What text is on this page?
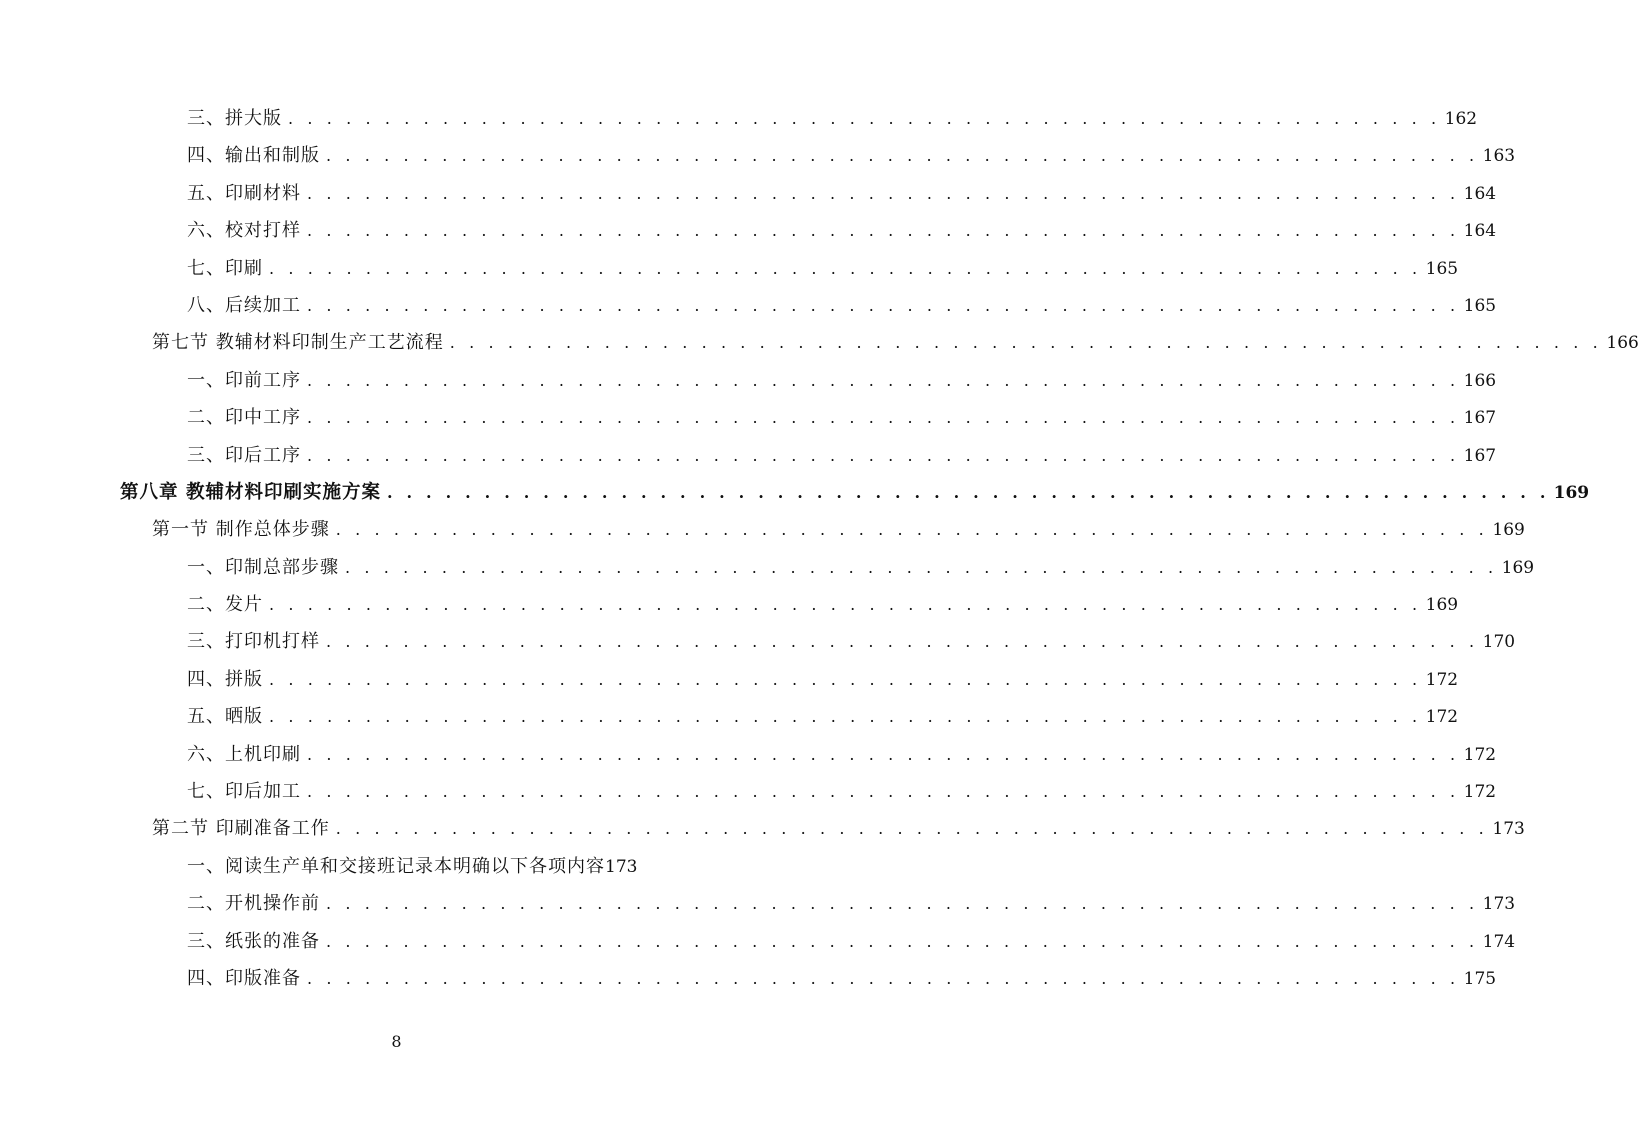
三、拼大版 . . . . . . . . . . . . . . . . . . . . . . . . . . . . . . . . . . . . . . . . . . . . . . . . . . . . . . . . . . . . 162
四、输出和制版 . . . . . . . . . . . . . . . . . . . . . . . . . . . . . . . . . . . . . . . . . . . . . . . . . . . . . . . . . . . . 163
五、印刷材料 . . . . . . . . . . . . . . . . . . . . . . . . . . . . . . . . . . . . . . . . . . . . . . . . . . . . . . . . . . . . 164
六、校对打样 . . . . . . . . . . . . . . . . . . . . . . . . . . . . . . . . . . . . . . . . . . . . . . . . . . . . . . . . . . . . 164
七、印刷 . . . . . . . . . . . . . . . . . . . . . . . . . . . . . . . . . . . . . . . . . . . . . . . . . . . . . . . . . . . . 165
八、后续加工 . . . . . . . . . . . . . . . . . . . . . . . . . . . . . . . . . . . . . . . . . . . . . . . . . . . . . . . . . . . . 165
第七节 教辅材料印制生产工艺流程 . . . . . . . . . . . . . . . . . . . . . . . . . . . . . . . . . . . . . . . . . . . . . . . . . . . . . . . . . . . . 166
一、印前工序 . . . . . . . . . . . . . . . . . . . . . . . . . . . . . . . . . . . . . . . . . . . . . . . . . . . . . . . . . . . . 166
二、印中工序 . . . . . . . . . . . . . . . . . . . . . . . . . . . . . . . . . . . . . . . . . . . . . . . . . . . . . . . . . . . . 167
三、印后工序 . . . . . . . . . . . . . . . . . . . . . . . . . . . . . . . . . . . . . . . . . . . . . . . . . . . . . . . . . . . . 167
第八章 教辅材料印刷实施方案 . . . . . . . . . . . . . . . . . . . . . . . . . . . . . . . . . . . . . . . . . . . . . . . . . . . . . . . . . . . . 169
第一节 制作总体步骤 . . . . . . . . . . . . . . . . . . . . . . . . . . . . . . . . . . . . . . . . . . . . . . . . . . . . . . . . . . . . 169
一、印制总部步骤 . . . . . . . . . . . . . . . . . . . . . . . . . . . . . . . . . . . . . . . . . . . . . . . . . . . . . . . . . . . . 169
二、发片 . . . . . . . . . . . . . . . . . . . . . . . . . . . . . . . . . . . . . . . . . . . . . . . . . . . . . . . . . . . . 169
三、打印机打样 . . . . . . . . . . . . . . . . . . . . . . . . . . . . . . . . . . . . . . . . . . . . . . . . . . . . . . . . . . . . 170
四、拼版 . . . . . . . . . . . . . . . . . . . . . . . . . . . . . . . . . . . . . . . . . . . . . . . . . . . . . . . . . . . . 172
五、晒版 . . . . . . . . . . . . . . . . . . . . . . . . . . . . . . . . . . . . . . . . . . . . . . . . . . . . . . . . . . . . 172
六、上机印刷 . . . . . . . . . . . . . . . . . . . . . . . . . . . . . . . . . . . . . . . . . . . . . . . . . . . . . . . . . . . . 172
七、印后加工 . . . . . . . . . . . . . . . . . . . . . . . . . . . . . . . . . . . . . . . . . . . . . . . . . . . . . . . . . . . . 172
第二节 印刷准备工作 . . . . . . . . . . . . . . . . . . . . . . . . . . . . . . . . . . . . . . . . . . . . . . . . . . . . . . . . . . . . 173
一、阅读生产单和交接班记录本明确以下各项内容 173
二、开机操作前 . . . . . . . . . . . . . . . . . . . . . . . . . . . . . . . . . . . . . . . . . . . . . . . . . . . . . . . . . . . . 173
三、纸张的准备 . . . . . . . . . . . . . . . . . . . . . . . . . . . . . . . . . . . . . . . . . . . . . . . . . . . . . . . . . . . . 174
四、印版准备 . . . . . . . . . . . . . . . . . . . . . . . . . . . . . . . . . . . . . . . . . . . . . . . . . . . . . . . . . . . . 175
8
